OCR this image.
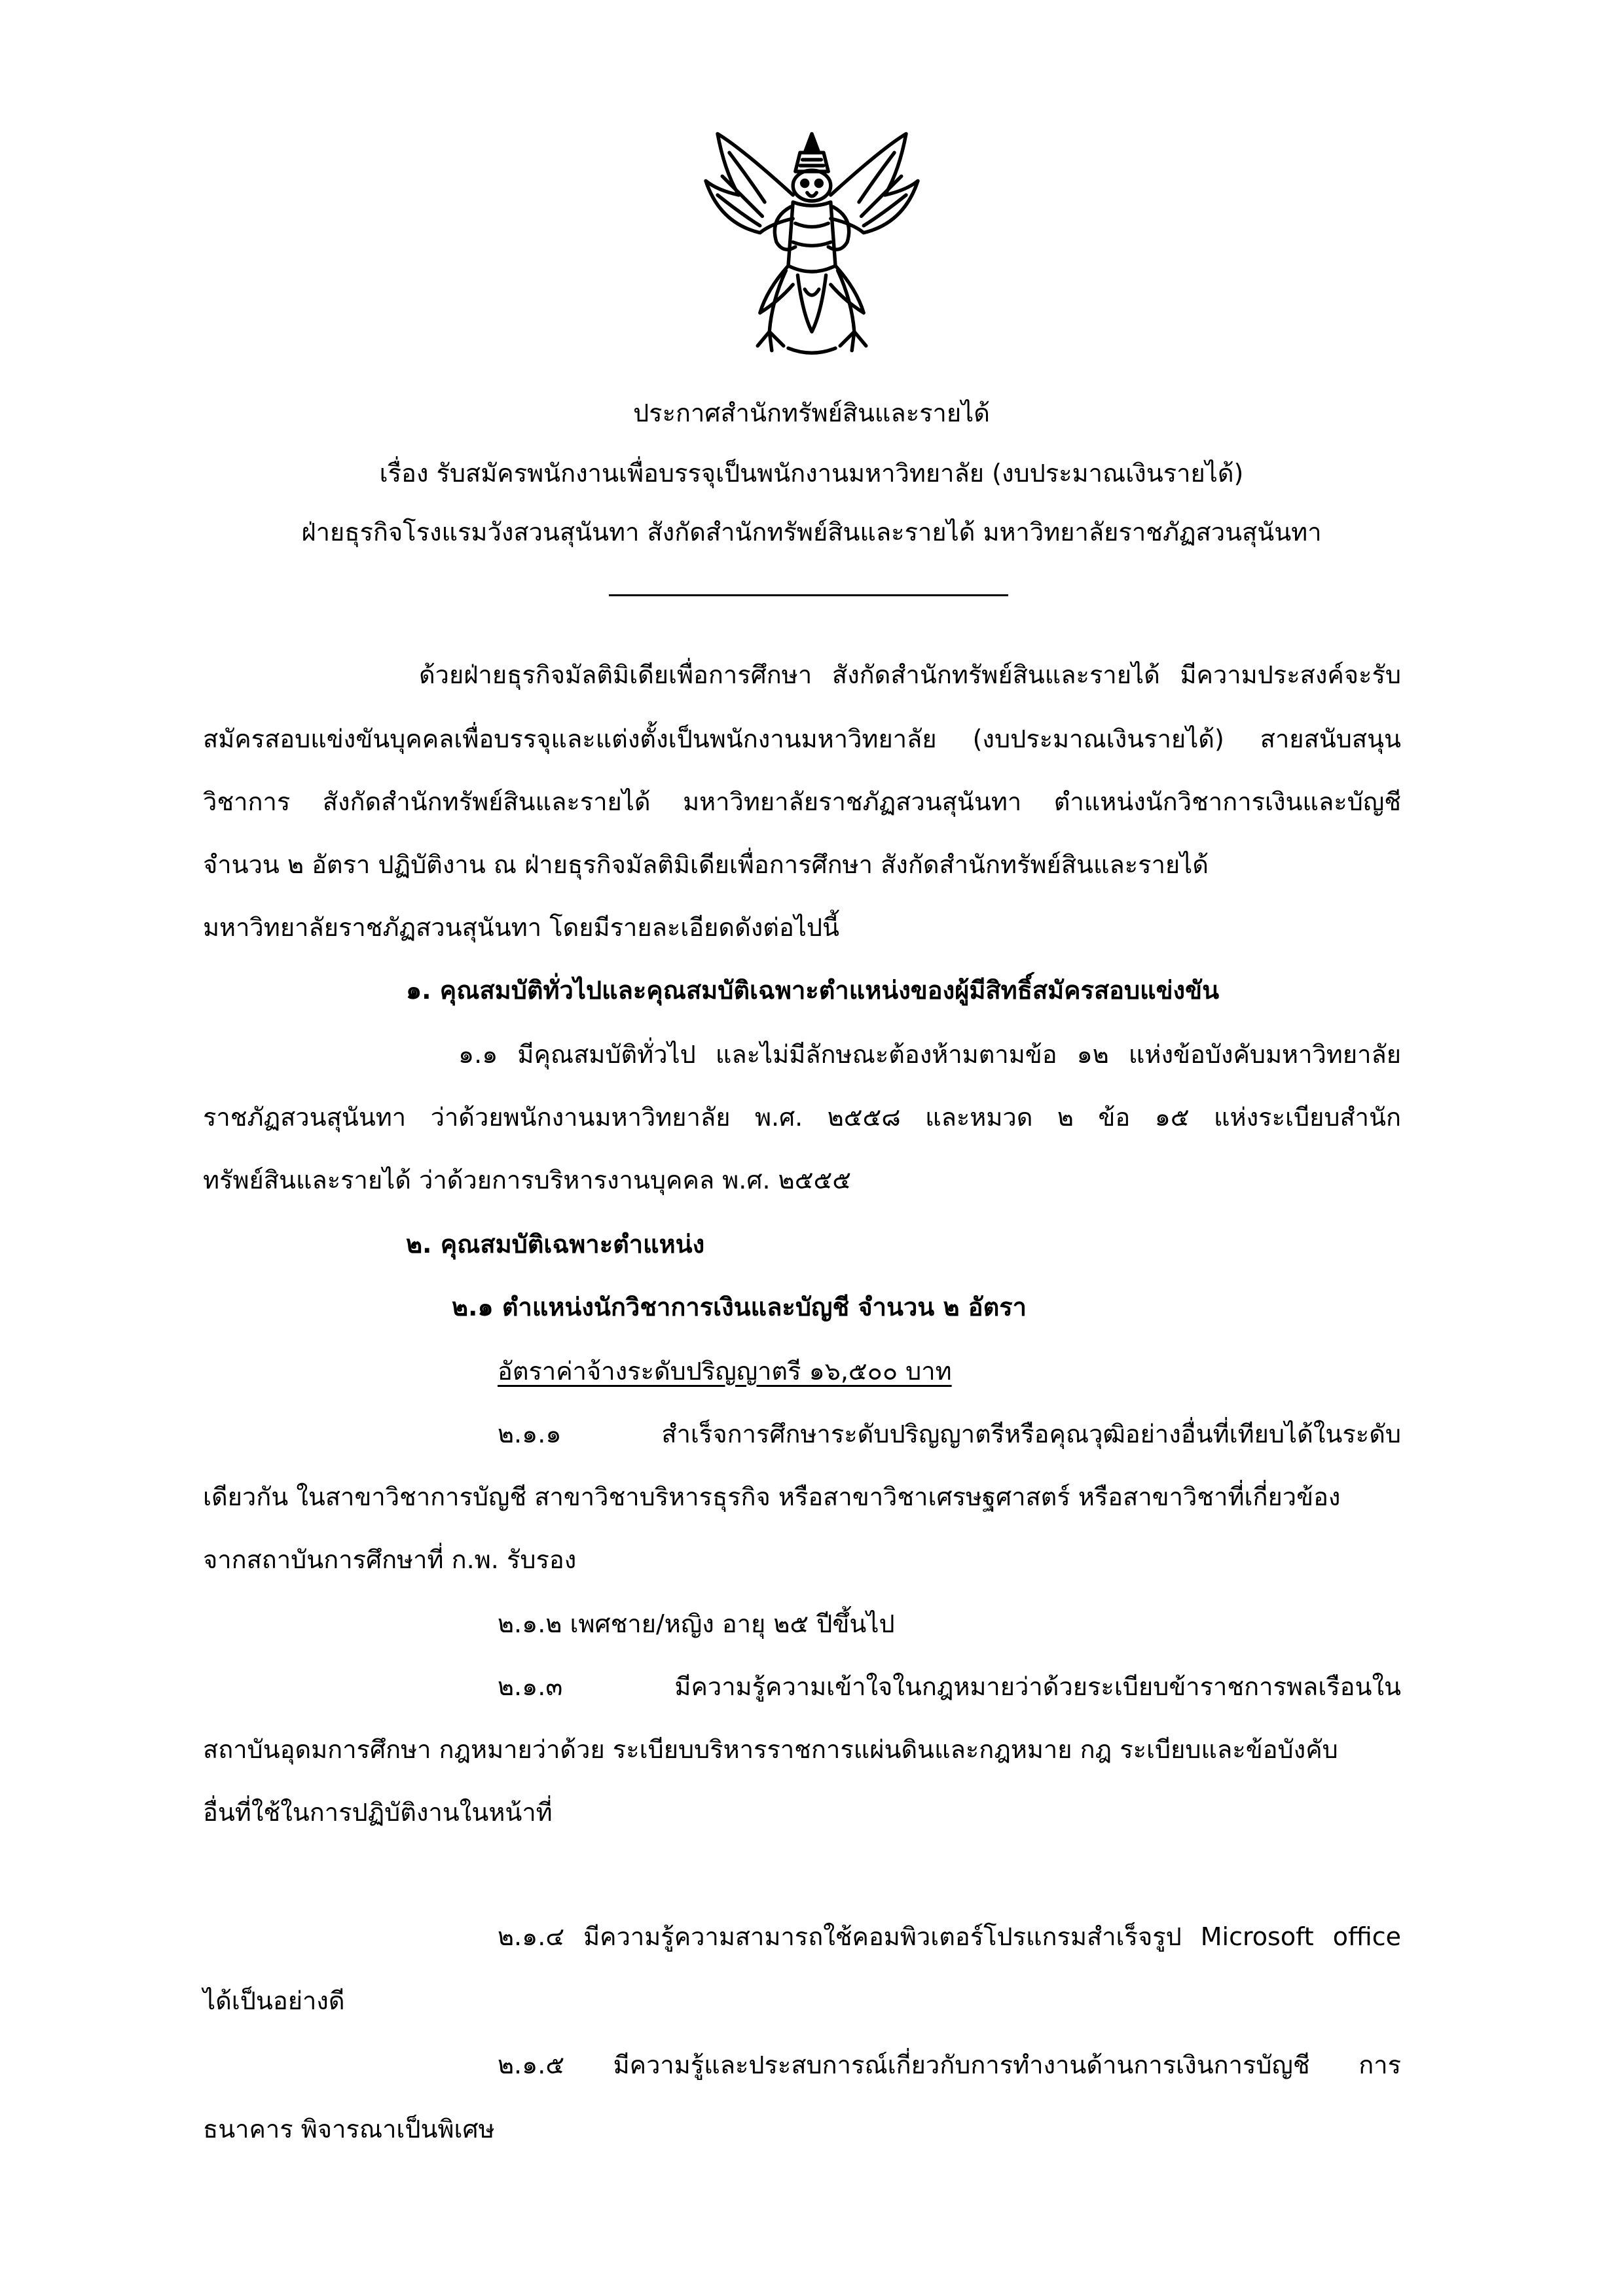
ประกาศสำนักทรัพย์สินและรายได้
เรื่อง รับสมัครพนักงานเพื่อบรรจุเป็นพนักงานมหาวิทยาลัย (งบประมาณเงินรายได้)
ฝ่ายธุรกิจโรงแรมวังสวนสุนันทา สังกัดสำนักทรัพย์สินและรายได้ มหาวิทยาลัยราชภัฏสวนสุนันทา
ด้วยฝ่ายธุรกิจมัลติมิเดียเพื่อการศึกษา สังกัดสำนักทรัพย์สินและรายได้ มีความประสงค์จะรับ
สมัครสอบแข่งขันบุคคลเพื่อบรรจุและแต่งตั้งเป็นพนักงานมหาวิทยาลัย (งบประมาณเงินรายได้) สายสนับสนุน
วิชาการ สังกัดสำนักทรัพย์สินและรายได้ มหาวิทยาลัยราชภัฏสวนสุนันทา ตำแหน่งนักวิชาการเงินและบัญชี
จำนวน ๒ อัตรา ปฏิบัติงาน ณ ฝ่ายธุรกิจมัลติมิเดียเพื่อการศึกษา สังกัดสำนักทรัพย์สินและรายได้
มหาวิทยาลัยราชภัฏสวนสุนันทา โดยมีรายละเอียดดังต่อไปนี้
๑. คุณสมบัติทั่วไปและคุณสมบัติเฉพาะตำแหน่งของผู้มีสิทธิ์สมัครสอบแข่งขัน
๑.๑ มีคุณสมบัติทั่วไป และไม่มีลักษณะต้องห้ามตามข้อ ๑๒ แห่งข้อบังคับมหาวิทยาลัย
ราชภัฏสวนสุนันทา ว่าด้วยพนักงานมหาวิทยาลัย พ.ศ. ๒๕๕๘ และหมวด ๒ ข้อ ๑๕ แห่งระเบียบสำนัก
ทรัพย์สินและรายได้ ว่าด้วยการบริหารงานบุคคล พ.ศ. ๒๕๕๕
๒. คุณสมบัติเฉพาะตำแหน่ง
๒.๑ ตำแหน่งนักวิชาการเงินและบัญชี จำนวน ๒ อัตรา
อัตราค่าจ้างระดับปริญญาตรี ๑๖,๕๐๐ บาท
๒.๑.๑ สำเร็จการศึกษาระดับปริญญาตรีหรือคุณวุฒิอย่างอื่นที่เทียบได้ในระดับ
เดียวกัน ในสาขาวิชาการบัญชี สาขาวิชาบริหารธุรกิจ หรือสาขาวิชาเศรษฐศาสตร์ หรือสาขาวิชาที่เกี่ยวข้อง
จากสถาบันการศึกษาที่ ก.พ. รับรอง
๒.๑.๒ เพศชาย/หญิง อายุ ๒๕ ปีขึ้นไป
๒.๑.๓ มีความรู้ความเข้าใจในกฎหมายว่าด้วยระเบียบข้าราชการพลเรือนใน
สถาบันอุดมการศึกษา กฎหมายว่าด้วย ระเบียบบริหารราชการแผ่นดินและกฎหมาย กฎ ระเบียบและข้อบังคับ
อื่นที่ใช้ในการปฏิบัติงานในหน้าที่
๒.๑.๔ มีความรู้ความสามารถใช้คอมพิวเตอร์โปรแกรมสำเร็จรูป Microsoft office
ได้เป็นอย่างดี
๒.๑.๕ มีความรู้และประสบการณ์เกี่ยวกับการทำงานด้านการเงินการบัญชี การ
ธนาคาร พิจารณาเป็นพิเศษ
